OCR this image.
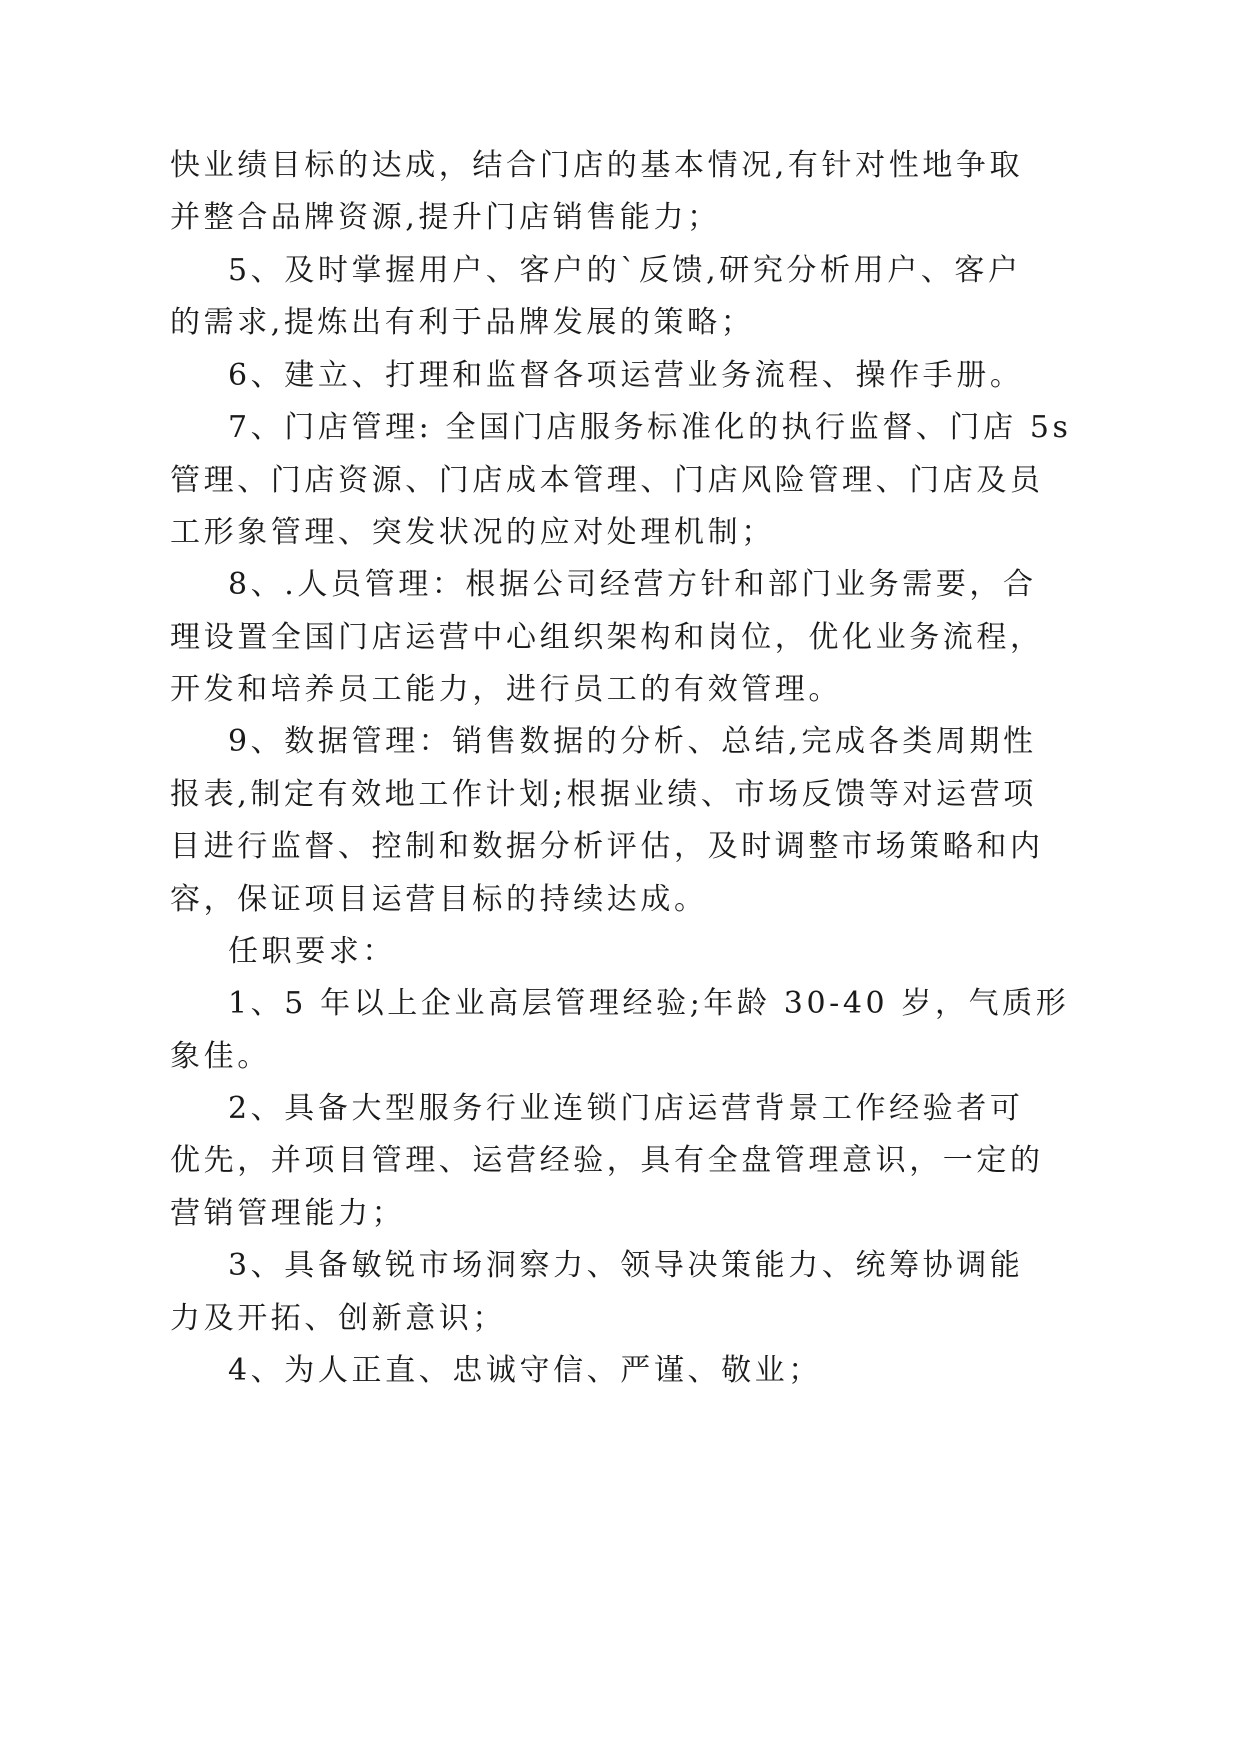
快业绩目标的达成，结合门店的基本情况,有针对性地争取
并整合品牌资源,提升门店销售能力；
5、及时掌握用户、客户的`反馈,研究分析用户、客户
的需求,提炼出有利于品牌发展的策略；
6、建立、打理和监督各项运营业务流程、操作手册。
7、门店管理: 全国门店服务标准化的执行监督、门店 5s
管理、门店资源、门店成本管理、门店风险管理、门店及员
工形象管理、突发状况的应对处理机制；
8、.人员管理：根据公司经营方针和部门业务需要，合
理设置全国门店运营中心组织架构和岗位，优化业务流程，
开发和培养员工能力，进行员工的有效管理。
9、数据管理：销售数据的分析、总结,完成各类周期性
报表,制定有效地工作计划;根据业绩、市场反馈等对运营项
目进行监督、控制和数据分析评估，及时调整市场策略和内
容，保证项目运营目标的持续达成。
任职要求：
1、5 年以上企业高层管理经验;年龄 30-40 岁，气质形
象佳。
2、具备大型服务行业连锁门店运营背景工作经验者可
优先，并项目管理、运营经验，具有全盘管理意识，一定的
营销管理能力；
3、具备敏锐市场洞察力、领导决策能力、统筹协调能
力及开拓、创新意识；
4、为人正直、忠诚守信、严谨、敬业；
